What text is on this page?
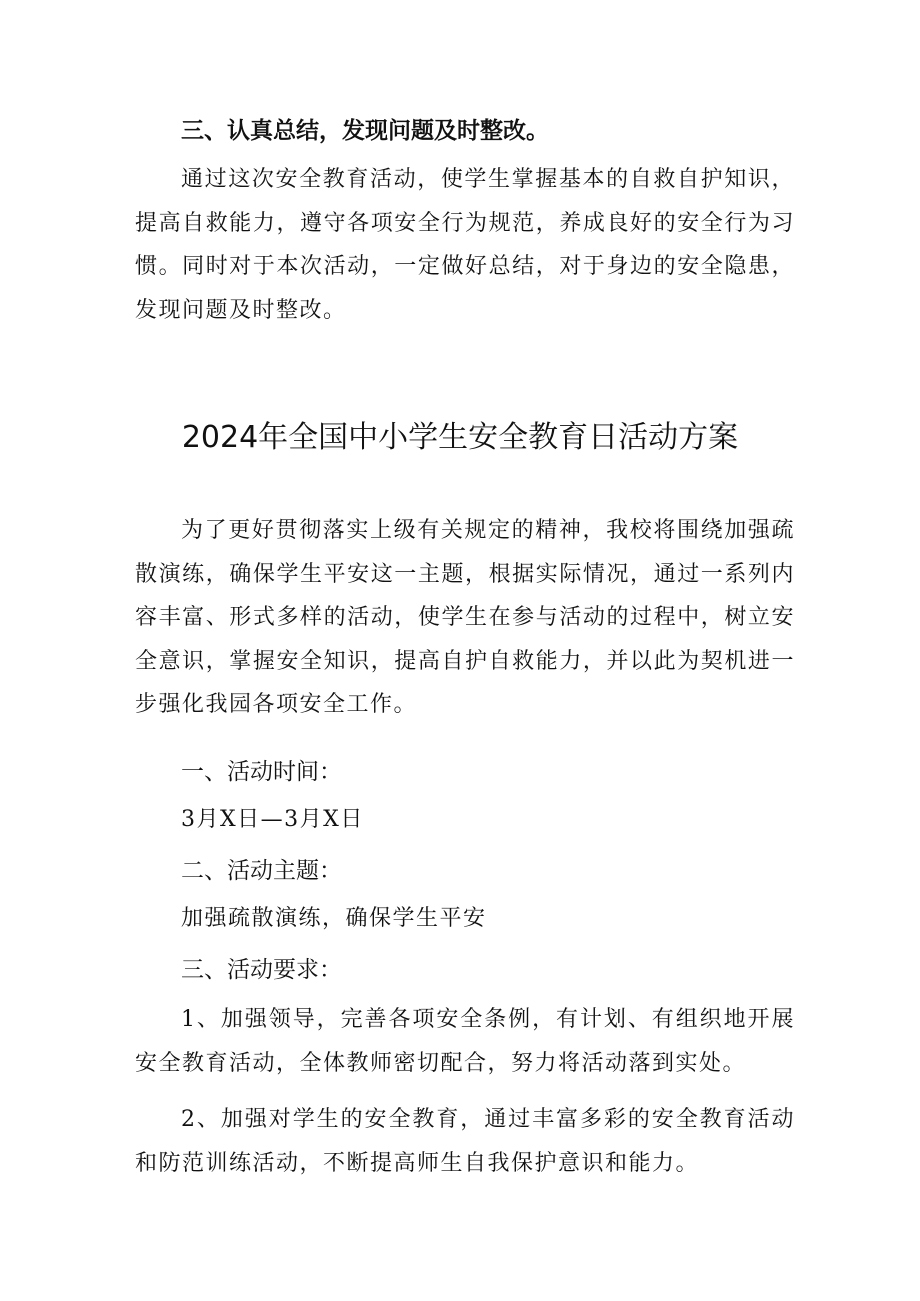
三、认真总结，发现问题及时整改。

通过这次安全教育活动，使学生掌握基本的自救自护知识，提高自救能力，遵守各项安全行为规范，养成良好的安全行为习惯。同时对于本次活动，一定做好总结，对于身边的安全隐患，发现问题及时整改。

2024年全国中小学生安全教育日活动方案

为了更好贯彻落实上级有关规定的精神，我校将围绕加强疏散演练，确保学生平安这一主题，根据实际情况，通过一系列内容丰富、形式多样的活动，使学生在参与活动的过程中，树立安全意识，掌握安全知识，提高自护自救能力，并以此为契机进一步强化我园各项安全工作。

一、活动时间：
3月X日—3月X日
二、活动主题：
加强疏散演练，确保学生平安
三、活动要求：

1、加强领导，完善各项安全条例，有计划、有组织地开展安全教育活动，全体教师密切配合，努力将活动落到实处。

2、加强对学生的安全教育，通过丰富多彩的安全教育活动和防范训练活动，不断提高师生自我保护意识和能力。
